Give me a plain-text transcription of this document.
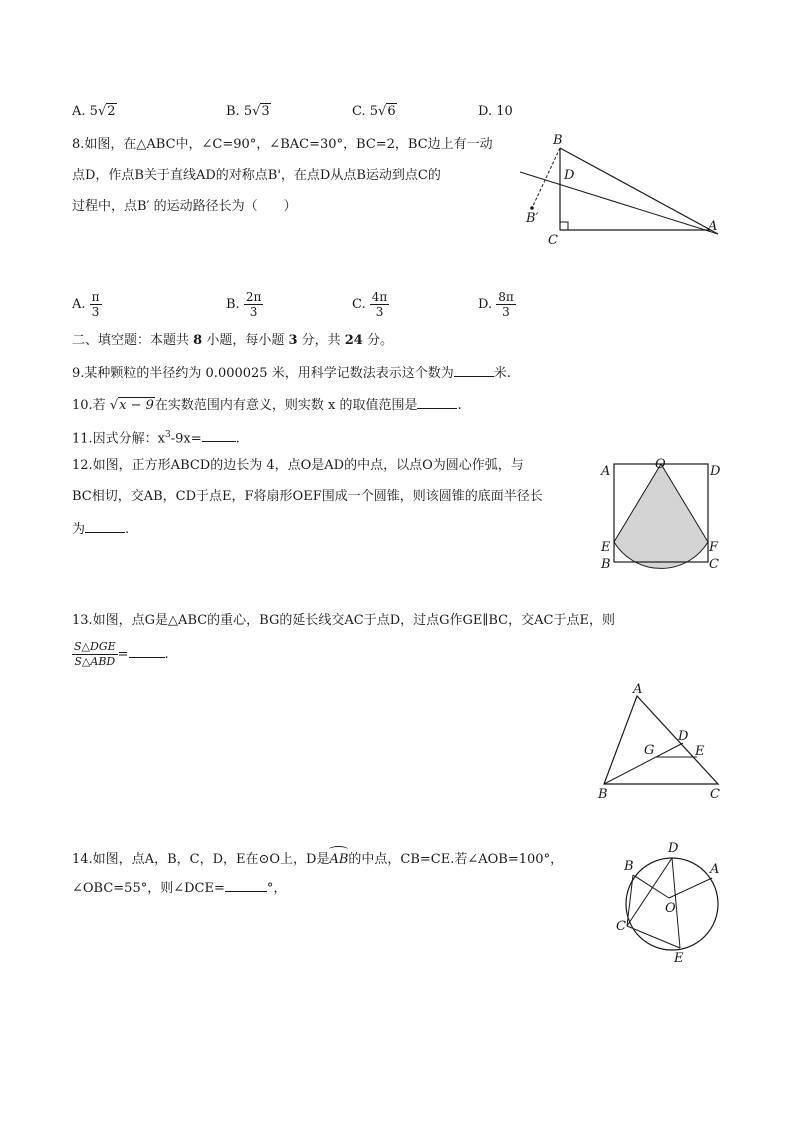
A. 5√2	B. 5√3	C. 5√6	D. 10
8.如图，在△ABC中，∠C=90°，∠BAC=30°，BC=2，BC边上有一动
点D，作点B关于直线AD的对称点B'，在点D从点B运动到点C的
过程中，点B′ 的运动路径长为（　　）
B
D
B′
C
A
A. $\frac{\pi}{3}$	B. $\frac{2\pi}{3}$	C. $\frac{4\pi}{3}$	D. $\frac{8\pi}{3}$
二、填空题：本题共 8 小题，每小题 3 分，共 24 分。
9.某种颗粒的半径约为 0.000025 米，用科学记数法表示这个数为	米.
10.若 √x − 9在实数范围内有意义，则实数 x 的取值范围是	.
11.因式分解：$x^3-9x=$	.
12.如图，正方形ABCD的边长为 4，点O是AD的中点，以点O为圆心作弧，与
BC相切，交AB，CD于点E，F将扇形OEF围成一个圆锥，则该圆锥的底面半径长
为	.
A	O	D
E	F
B	C
13.如图，点G是△ABC的重心，BG的延长线交AC于点D，过点G作GE∥BC，交AC于点E，则
$\frac{\text{S△DGE}}{\text{S△ABD}}$ =	.
A
G
D
E
B	C
14.如图，点A，B，C，D，E在⊙O上，D是
AB的中点，CB=CE.若∠AOB=100°，
∠OBC=55°，则∠DCE=	°，
D
B	A
O
C
E
